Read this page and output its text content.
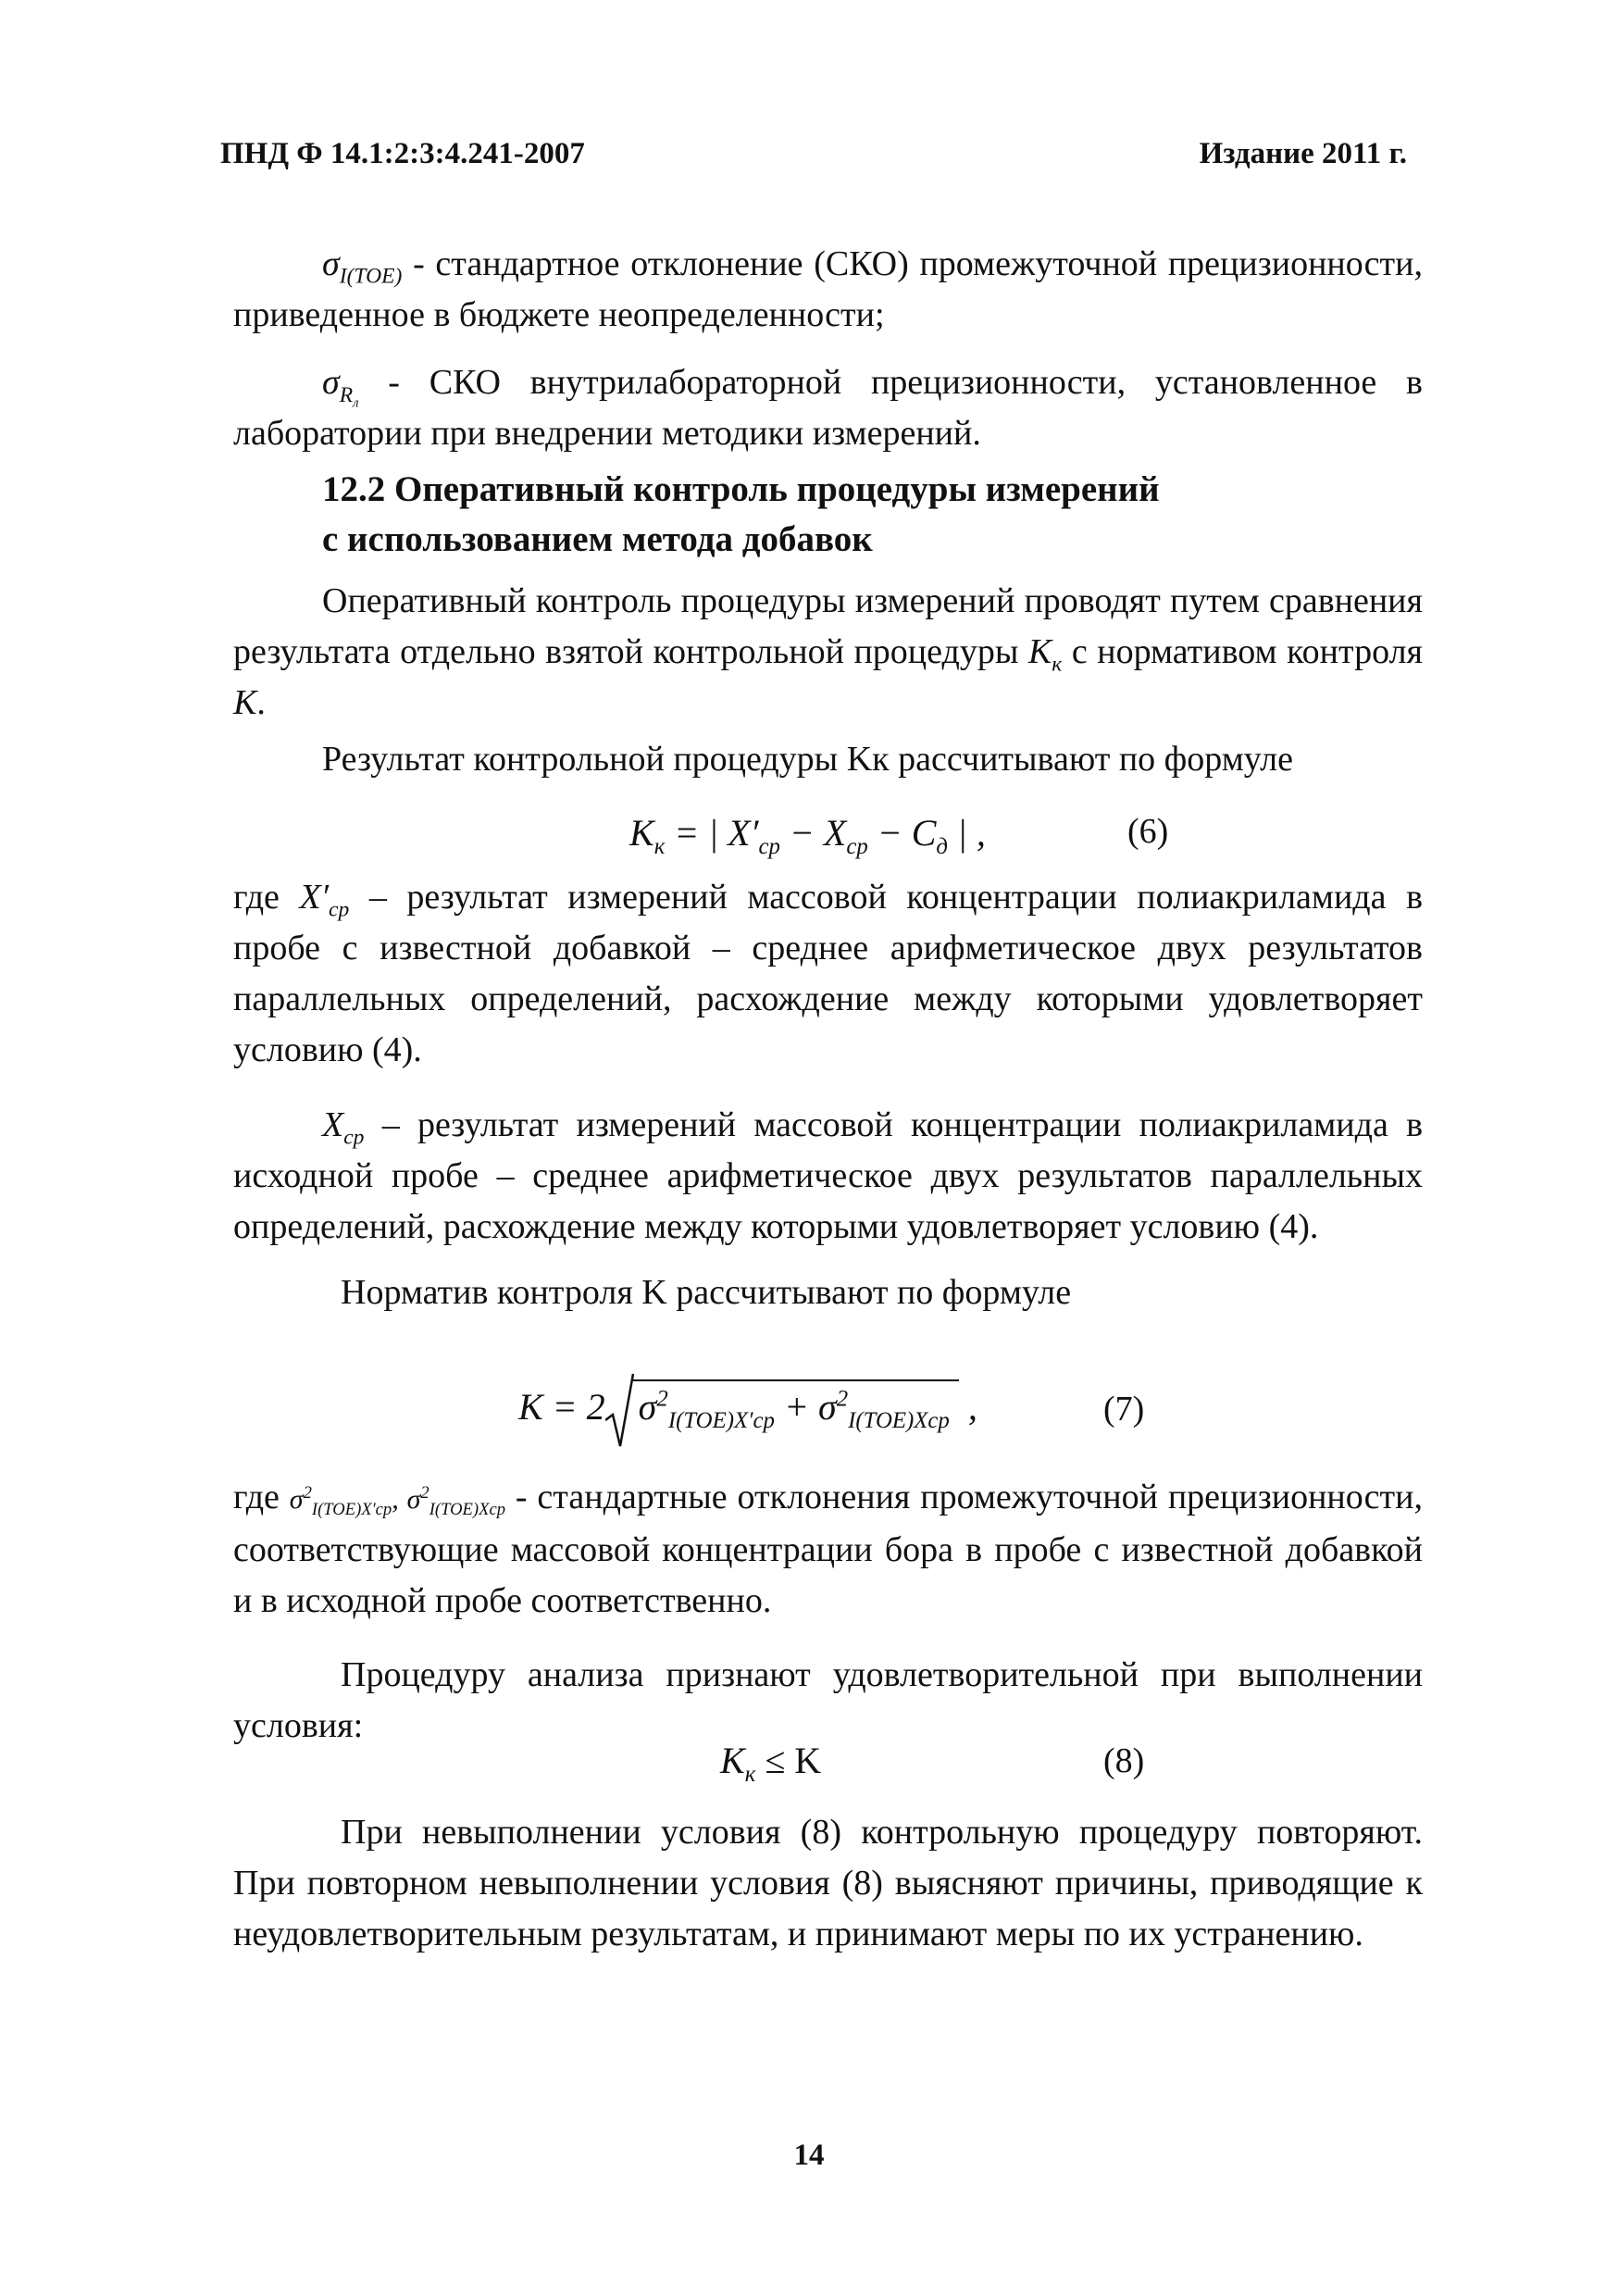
ПНД Ф 14.1:2:3:4.241-2007	Издание 2011 г.

$\sigma_{I(TOE)}$ - стандартное отклонение (СКО) промежуточной прецизионности, приведенное в бюджете неопределенности;

$\sigma_{R_л}$ - СКО внутрилабораторной прецизионности, установленное в лаборатории при внедрении методики измерений.

12.2 Оперативный контроль процедуры измерений
с использованием метода добавок

Оперативный контроль процедуры измерений проводят путем сравнения результата отдельно взятой контрольной процедуры $K_к$ с нормативом контроля K.

Результат контрольной процедуры Kк рассчитывают по формуле

$K_к$ = | $X'_{ср} - X_{ср} - C_д$ | ,	(6)

где $X'_{ср}$ – результат измерений массовой концентрации полиакриламида в пробе с известной добавкой – среднее арифметическое двух результатов параллельных определений, расхождение между которыми удовлетворяет условию (4).

$X_{ср}$ – результат измерений массовой концентрации полиакриламида в исходной пробе – среднее арифметическое двух результатов параллельных определений, расхождение между которыми удовлетворяет условию (4).

Норматив контроля K рассчитывают по формуле

K = 2 $\sigma^2_{I(TOE)X'ср} + \sigma^2_{I(TOE)Xср}$ ,	(7)

где $\sigma^2_{I(TOE)X'ср}$, $\sigma^2_{I(TOE)Xср}$ - стандартные отклонения промежуточной прецизионности, соответствующие массовой концентрации бора в пробе с известной добавкой и в исходной пробе соответственно.

Процедуру анализа признают удовлетворительной при выполнении условия:

$K_к \le K$	(8)

При невыполнении условия (8) контрольную процедуру повторяют. При повторном невыполнении условия (8) выясняют причины, приводящие к неудовлетворительным результатам, и принимают меры по их устранению.

14
